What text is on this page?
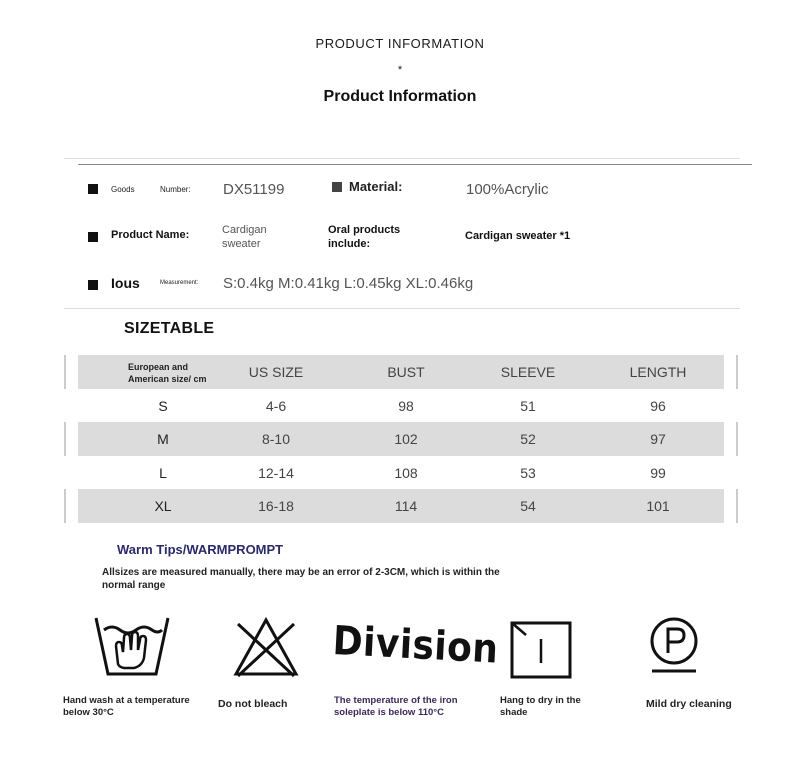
PRODUCT INFORMATION
*
Product Information
Goods	Number: DX51199	Material:	100%Acrylic
Product Name:	Cardigan sweater
Oral products include:
Cardigan sweater *1
Ious	Measurement: S:0.4kg M:0.41kg L:0.45kg XL:0.46kg
SIZETABLE
European and American size/ cm	US SIZE	BUST	SLEEVE	LENGTH
S	4-6	98	51	96
M	8-10	102	52	97
L	12-14	108	53	99
XL	16-18	114	54	101
Warm Tips/WARMPROMPT
Allsizes are measured manually, there may be an error of 2-3CM, which is within the normal range
Division
Hand wash at a temperature below 30°C
Do not bleach	The temperature of the iron soleplate is below 110°C
Hang to dry in the shade
Mild dry cleaning
